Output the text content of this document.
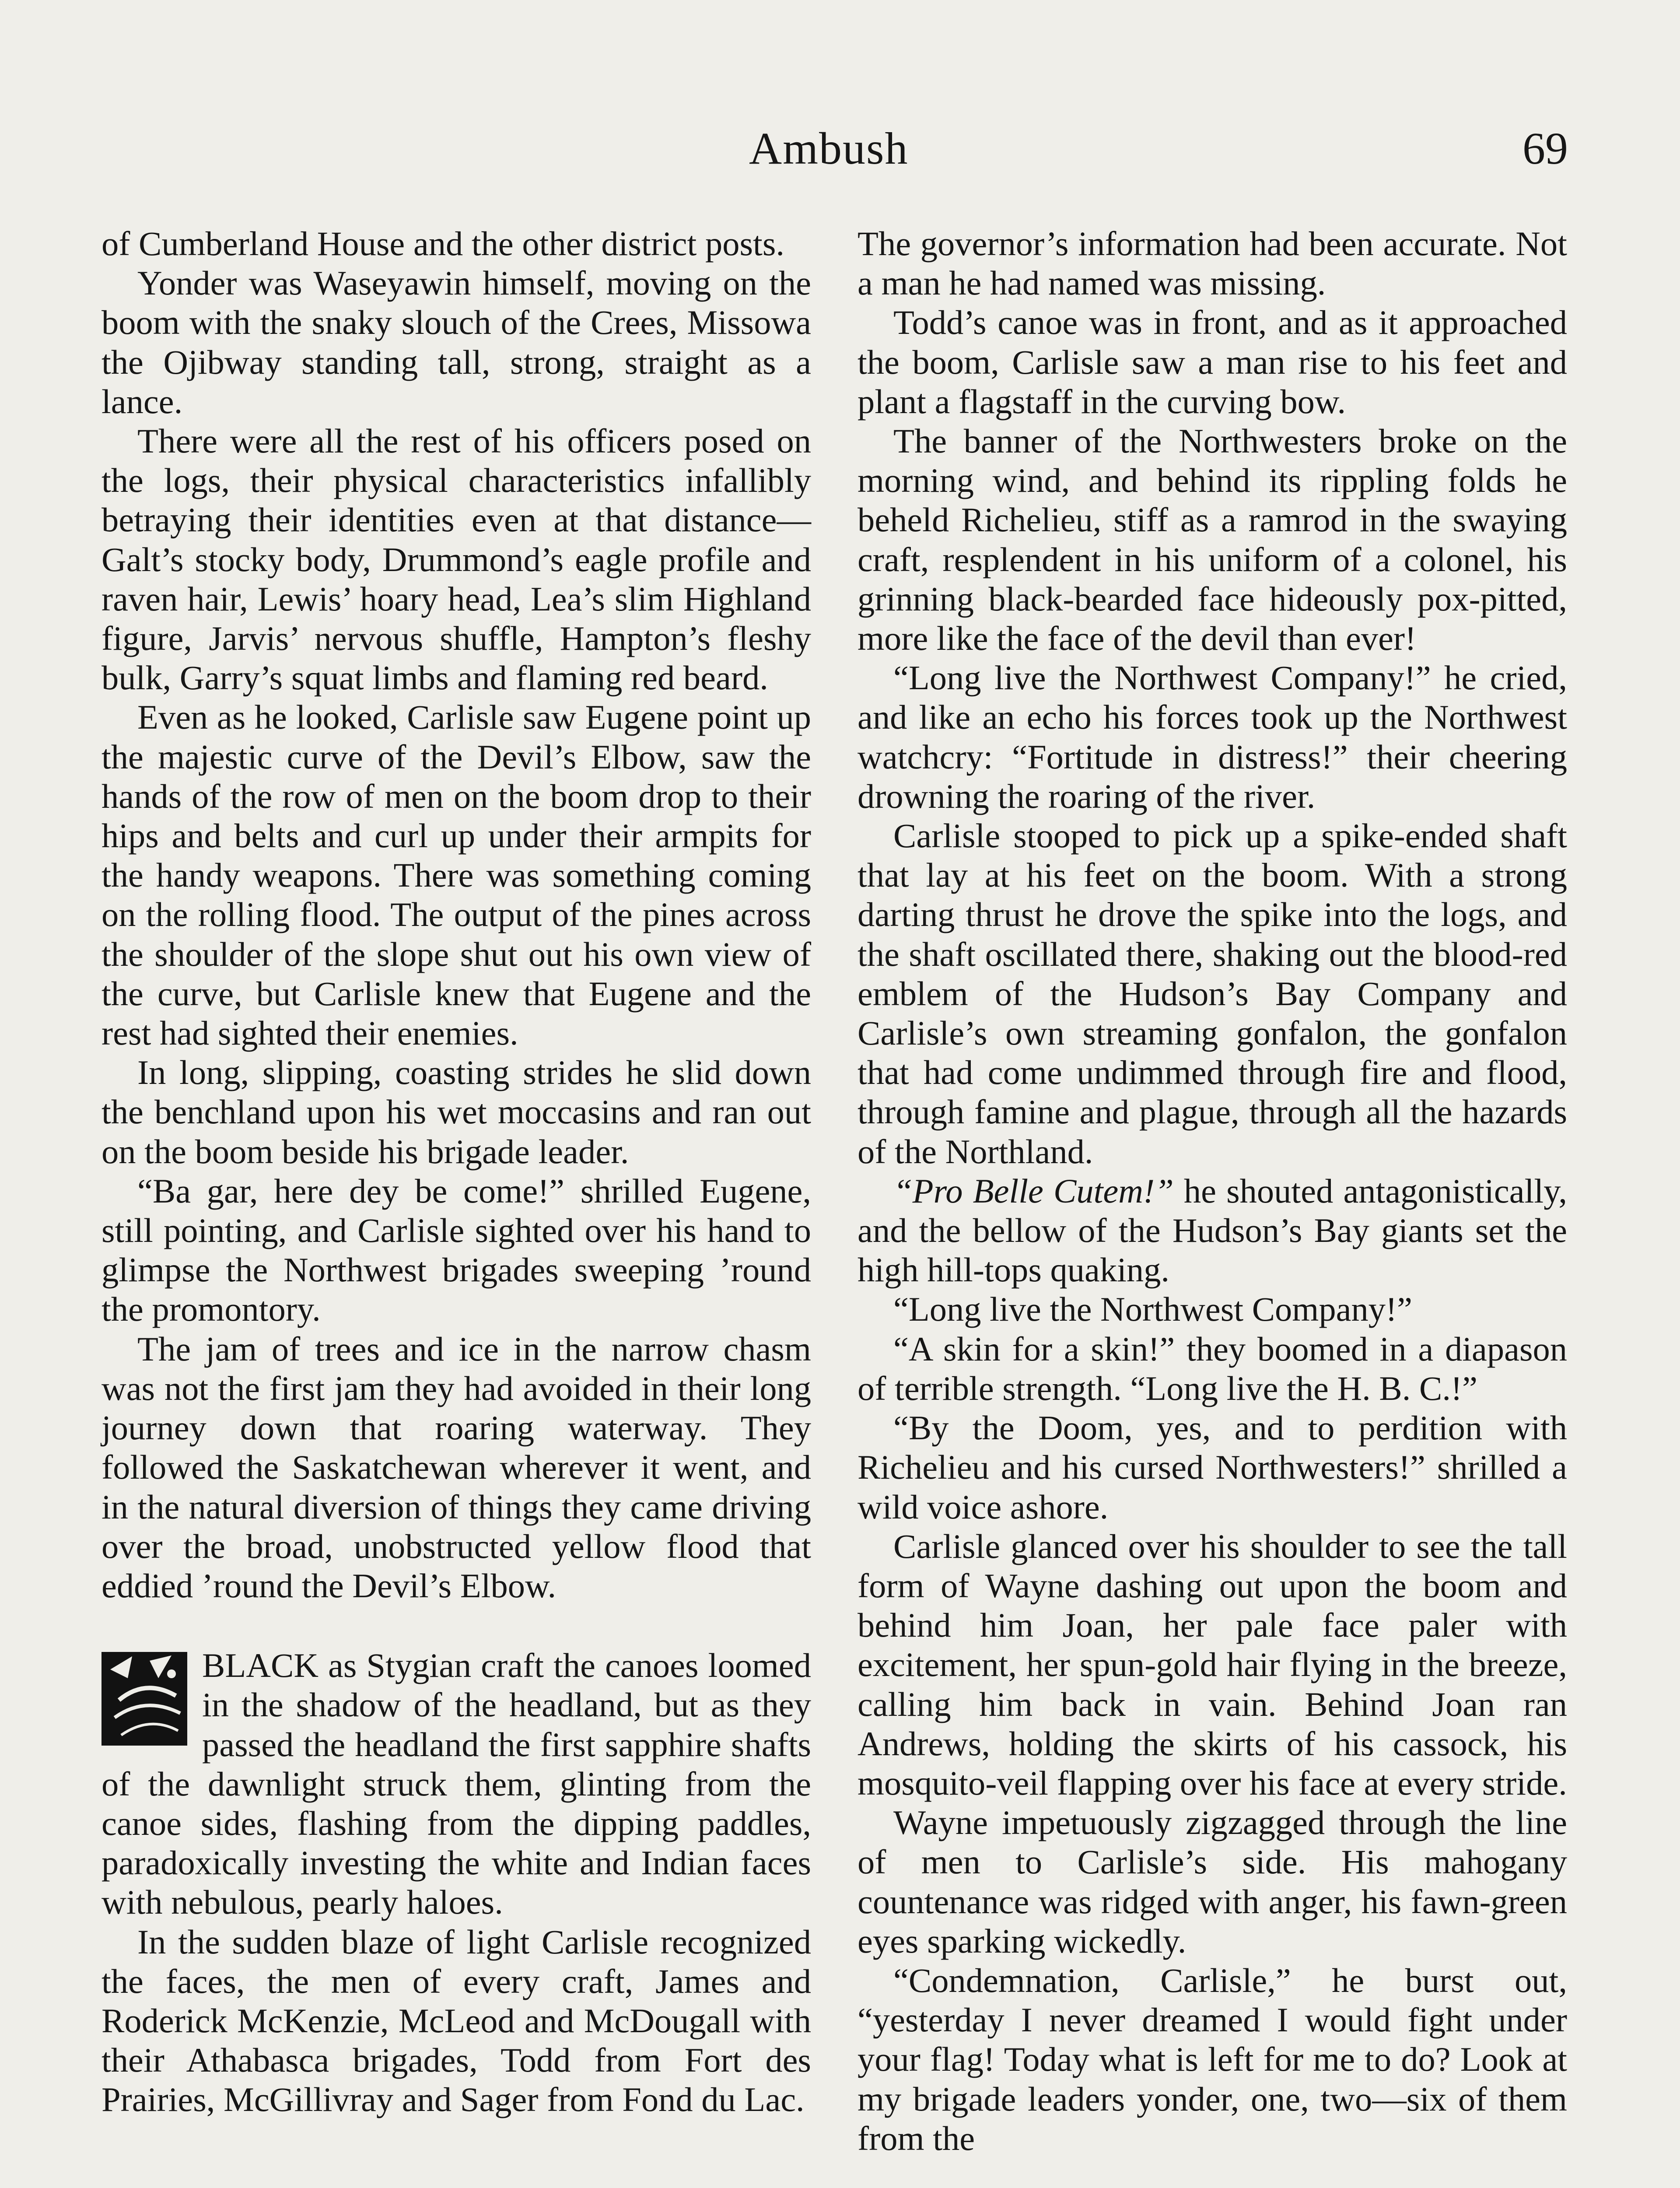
Ambush	69

of Cumberland House and the other district posts.

Yonder was Waseyawin himself, moving on the boom with the snaky slouch of the Crees, Missowa the Ojibway standing tall, strong, straight as a lance.

There were all the rest of his officers posed on the logs, their physical characteristics infallibly betraying their identities even at that distance—Galt’s stocky body, Drummond’s eagle profile and raven hair, Lewis’ hoary head, Lea’s slim Highland figure, Jarvis’ nervous shuffle, Hampton’s fleshy bulk, Garry’s squat limbs and flaming red beard.

Even as he looked, Carlisle saw Eugene point up the majestic curve of the Devil’s Elbow, saw the hands of the row of men on the boom drop to their hips and belts and curl up under their armpits for the handy weapons. There was something coming on the rolling flood. The output of the pines across the shoulder of the slope shut out his own view of the curve, but Carlisle knew that Eugene and the rest had sighted their enemies.

In long, slipping, coasting strides he slid down the benchland upon his wet moccasins and ran out on the boom beside his brigade leader.

“Ba gar, here dey be come!” shrilled Eugene, still pointing, and Carlisle sighted over his hand to glimpse the Northwest brigades sweeping ’round the promontory.

The jam of trees and ice in the narrow chasm was not the first jam they had avoided in their long journey down that roaring waterway. They followed the Saskatchewan wherever it went, and in the natural diversion of things they came driving over the broad, unobstructed yellow flood that eddied ’round the Devil’s Elbow.

BLACK as Stygian craft the canoes loomed in the shadow of the headland, but as they passed the headland the first sapphire shafts of the dawnlight struck them, glinting from the canoe sides, flashing from the dipping paddles, paradoxically investing the white and Indian faces with nebulous, pearly haloes.

In the sudden blaze of light Carlisle recognized the faces, the men of every craft, James and Roderick McKenzie, McLeod and McDougall with their Athabasca brigades, Todd from Fort des Prairies, McGillivray and Sager from Fond du Lac.

The governor’s information had been accurate. Not a man he had named was missing.

Todd’s canoe was in front, and as it approached the boom, Carlisle saw a man rise to his feet and plant a flagstaff in the curving bow.

The banner of the Northwesters broke on the morning wind, and behind its rippling folds he beheld Richelieu, stiff as a ramrod in the swaying craft, resplendent in his uniform of a colonel, his grinning black-bearded face hideously pox-pitted, more like the face of the devil than ever!

“Long live the Northwest Company!” he cried, and like an echo his forces took up the Northwest watchcry: “Fortitude in distress!” their cheering drowning the roaring of the river.

Carlisle stooped to pick up a spike-ended shaft that lay at his feet on the boom. With a strong darting thrust he drove the spike into the logs, and the shaft oscillated there, shaking out the blood-red emblem of the Hudson’s Bay Company and Carlisle’s own streaming gonfalon, the gonfalon that had come undimmed through fire and flood, through famine and plague, through all the hazards of the Northland.

“Pro Belle Cutem!” he shouted antagonistically, and the bellow of the Hudson’s Bay giants set the high hill-tops quaking.

“Long live the Northwest Company!”

“A skin for a skin!” they boomed in a diapason of terrible strength. “Long live the H. B. C.!”

“By the Doom, yes, and to perdition with Richelieu and his cursed Northwesters!” shrilled a wild voice ashore.

Carlisle glanced over his shoulder to see the tall form of Wayne dashing out upon the boom and behind him Joan, her pale face paler with excitement, her spun-gold hair flying in the breeze, calling him back in vain. Behind Joan ran Andrews, holding the skirts of his cassock, his mosquito-veil flapping over his face at every stride.

Wayne impetuously zigzagged through the line of men to Carlisle’s side. His mahogany countenance was ridged with anger, his fawn-green eyes sparking wickedly.

“Condemnation, Carlisle,” he burst out, “yesterday I never dreamed I would fight under your flag! Today what is left for me to do? Look at my brigade leaders yonder, one, two—six of them from the
